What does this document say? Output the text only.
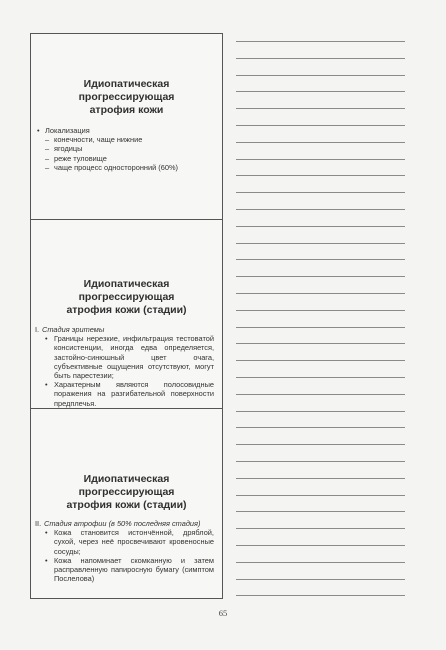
Идиопатическая
прогрессирующая
атрофия кожи
• Локализация
– конечности, чаще нижние
– ягодицы
– реже туловище
– чаще процесс односторонний (60%)
Идиопатическая
прогрессирующая
атрофия кожи (стадии)
I. Стадия эритемы
• Границы нерезкие, инфильтрация тестоватой консистенции, иногда едва определяется, застойно-синюшный цвет очага, субъективные ощущения отсутствуют, могут быть парестезии;
• Характерным являются полосовидные поражения на разгибательной поверхности предплечья.
Идиопатическая
прогрессирующая
атрофия кожи (стадии)
II. Стадия атрофии (в 50% последняя стадия)
• Кожа становится истончённой, дряблой, сухой, через неё просвечивают кровеносные сосуды;
• Кожа напоминает скомканную и затем расправленную папиросную бумагу (симптом Послелова)
65
